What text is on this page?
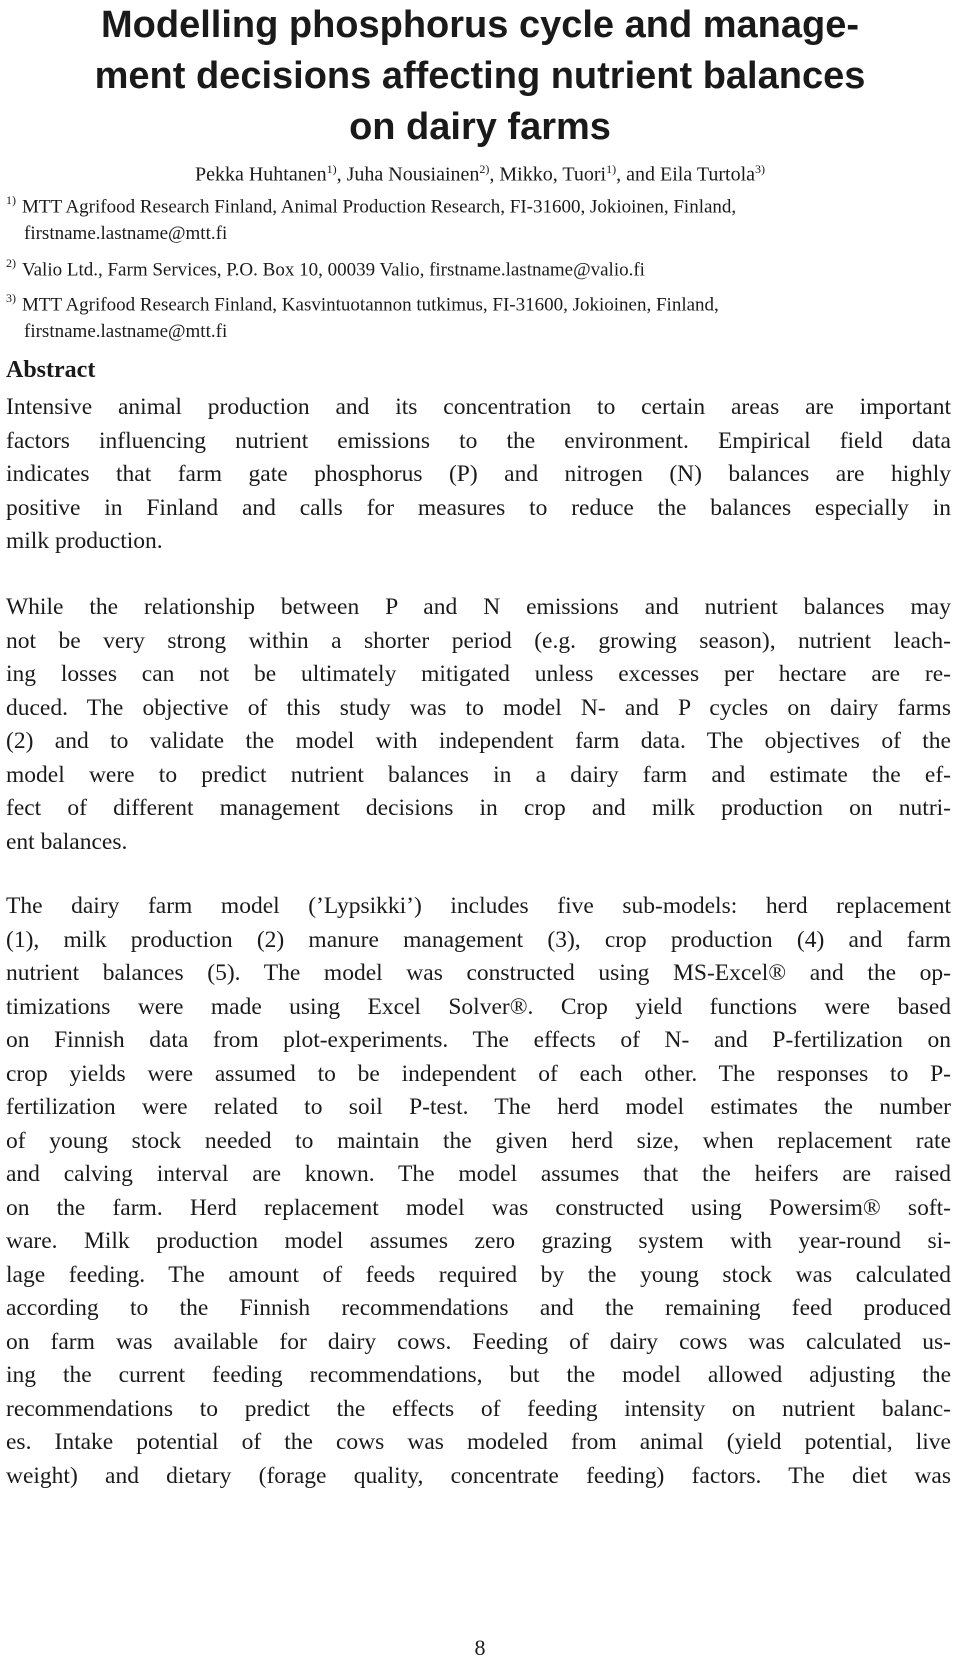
Modelling phosphorus cycle and manage-
ment decisions affecting nutrient balances
on dairy farms

Pekka Huhtanen$^{1)}$, Juha Nousiainen$^{2)}$, Mikko, Tuori$^{1)}$, and Eila Turtola$^{3)}$

$^{1)}$ MTT Agrifood Research Finland, Animal Production Research, FI-31600, Jokioinen, Finland,
firstname.lastname@mtt.fi

$^{2)}$ Valio Ltd., Farm Services, P.O. Box 10, 00039 Valio, firstname.lastname@valio.fi

$^{3)}$ MTT Agrifood Research Finland, Kasvintuotannon tutkimus, FI-31600, Jokioinen, Finland,
firstname.lastname@mtt.fi

Abstract
Intensive animal production and its concentration to certain areas are important
factors influencing nutrient emissions to the environment. Empirical field data
indicates that farm gate phosphorus (P) and nitrogen (N) balances are highly
positive in Finland and calls for measures to reduce the balances especially in
milk production.
While the relationship between P and N emissions and nutrient balances may
not be very strong within a shorter period (e.g. growing season), nutrient leach-
ing losses can not be ultimately mitigated unless excesses per hectare are re-
duced. The objective of this study was to model N- and P cycles on dairy farms
(2) and to validate the model with independent farm data. The objectives of the
model were to predict nutrient balances in a dairy farm and estimate the ef-
fect of different management decisions in crop and milk production on nutri-
ent balances.
The dairy farm model (’Lypsikki’) includes five sub-models: herd replacement
(1), milk production (2) manure management (3), crop production (4) and farm
nutrient balances (5). The model was constructed using MS-Excel® and the op-
timizations were made using Excel Solver®. Crop yield functions were based
on Finnish data from plot-experiments. The effects of N- and P-fertilization on
crop yields were assumed to be independent of each other. The responses to P-
fertilization were related to soil P-test. The herd model estimates the number
of young stock needed to maintain the given herd size, when replacement rate
and calving interval are known. The model assumes that the heifers are raised
on the farm. Herd replacement model was constructed using Powersim® soft-
ware. Milk production model assumes zero grazing system with year-round si-
lage feeding. The amount of feeds required by the young stock was calculated
according to the Finnish recommendations and the remaining feed produced
on farm was available for dairy cows. Feeding of dairy cows was calculated us-
ing the current feeding recommendations, but the model allowed adjusting the
recommendations to predict the effects of feeding intensity on nutrient balanc-
es. Intake potential of the cows was modeled from animal (yield potential, live
weight) and dietary (forage quality, concentrate feeding) factors. The diet was

8
